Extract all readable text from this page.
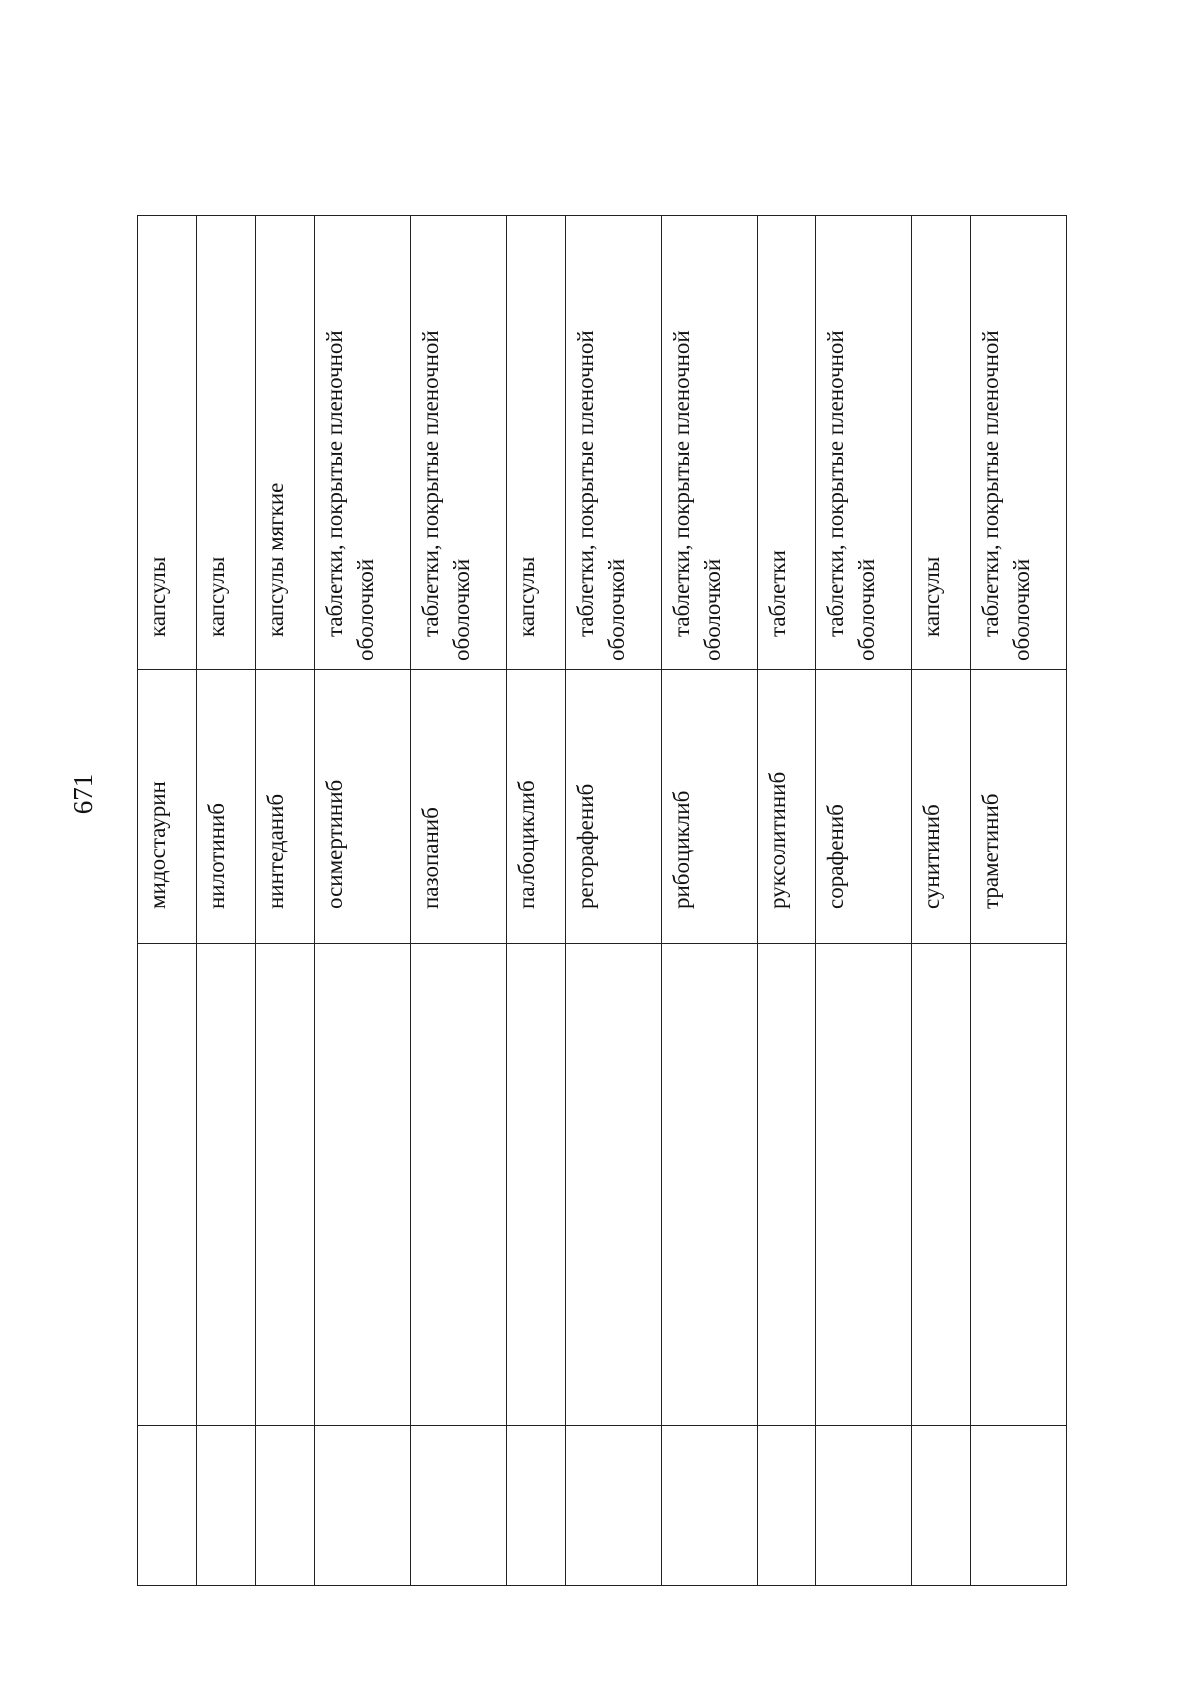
671
		мидостаурин	капсулы
		нилотиниб	капсулы
		нинтеданиб	капсулы мягкие
		осимертиниб	таблетки, покрытые пленочной оболочкой
		пазопаниб	таблетки, покрытые пленочной оболочкой
		палбоциклиб	капсулы
		регорафениб	таблетки, покрытые пленочной оболочкой
		рибоциклиб	таблетки, покрытые пленочной оболочкой
		руксолитиниб	таблетки
		сорафениб	таблетки, покрытые пленочной оболочкой
		сунитиниб	капсулы
		траметиниб	таблетки, покрытые пленочной оболочкой
